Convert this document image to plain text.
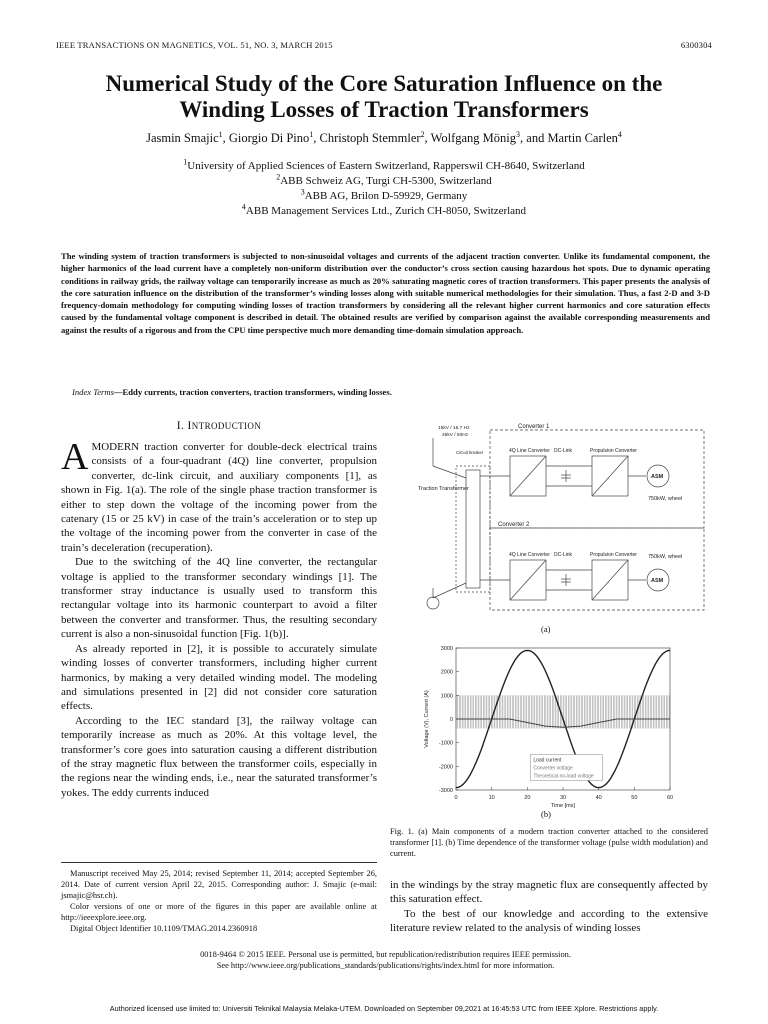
IEEE TRANSACTIONS ON MAGNETICS, VOL. 51, NO. 3, MARCH 2015	6300304
Numerical Study of the Core Saturation Influence on the
Winding Losses of Traction Transformers
Jasmin Smajic$^1$, Giorgio Di Pino$^1$, Christoph Stemmler$^2$, Wolfgang Mönig$^3$, and Martin Carlen$^4$
$^1$University of Applied Sciences of Eastern Switzerland, Rapperswil CH-8640, Switzerland
$^2$ABB Schweiz AG, Turgi CH-5300, Switzerland
$^3$ABB AG, Brilon D-59929, Germany
$^4$ABB Management Services Ltd., Zurich CH-8050, Switzerland
The winding system of traction transformers is subjected to non-sinusoidal voltages and currents of the adjacent traction converter. Unlike its fundamental component, the higher harmonics of the load current have a completely non-uniform distribution over the conductor’s cross section causing hazardous hot spots. Due to dynamic operating conditions in railway grids, the railway voltage can temporarily increase as much as 20% saturating magnetic cores of traction transformers. This paper presents the analysis of the core saturation influence on the distribution of the transformer’s winding losses along with suitable numerical methodologies for their simulation. Thus, a fast 2-D and 3-D frequency-domain methodology for computing winding losses of traction transformers by considering all the relevant higher current harmonics and core saturation effects caused by the fundamental voltage component is described in detail. The obtained results are verified by comparison against the available corresponding measurements and against the results of a rigorous and from the CPU time perspective much more demanding time-domain simulation approach.
Index Terms—Eddy currents, traction converters, traction transformers, winding losses.
I. INTRODUCTION

A MODERN traction converter for double-deck electrical trains consists of a four-quadrant (4Q) line converter, propulsion converter, dc-link circuit, and auxiliary components [1], as shown in Fig. 1(a). The role of the single phase traction transformer is either to step down the voltage of the incoming power from the catenary (15 or 25 kV) in case of the train’s acceleration or to step up the voltage of the incoming power from the converter in case of the train’s deceleration (recuperation).

Due to the switching of the 4Q line converter, the rectangular voltage is applied to the transformer secondary windings [1]. The transformer stray inductance is usually used to transform this rectangular voltage into its harmonic counterpart to avoid a filter between the converter and transformer. Thus, the resulting secondary current is also a non-sinusoidal function [Fig. 1(b)].

As already reported in [2], it is possible to accurately simulate winding losses of converter transformers, including higher current harmonics, by making a very detailed winding model. The modeling and simulations presented in [2] did not consider core saturation effects.

According to the IEC standard [3], the railway voltage can temporarily increase as much as 20%. At this voltage level, the transformer’s core goes into saturation causing a different distribution of the stray magnetic flux between the transformer coils, especially in the regions near the winding ends, i.e., near the saturated transformer’s yokes. The eddy currents induced

Manuscript received May 25, 2014; revised September 11, 2014; accepted September 26, 2014. Date of current version April 22, 2015. Corresponding author: J. Smajic (e-mail: jsmajic@hsr.ch).

Color versions of one or more of the figures in this paper are available online at http://ieeexplore.ieee.org.

Digital Object Identifier 10.1109/TMAG.2014.2360918

15kV / 16.7 Hz
25kV / 50Hz
Circuit breaker
Traction Transformer
Converter 1
Converter 2
4Q Line Converter DC-Link	Propulsion Converter
4Q Line Converter DC-Link	Propulsion Converter
ASM
ASM
750kW, wheel
750kW, wheel
(a)
0	10	20	30	40	50	60
3000
2000
1000
0
-1000
-2000
-3000
Time [ms]
Voltage (V), Current (A)
Load current
Converter voltage
Theoretical no-load voltage
(b)
Fig. 1. (a) Main components of a modern traction converter attached to the considered transformer [1]. (b) Time dependence of the transformer voltage (pulse width modulation) and current.

in the windings by the stray magnetic flux are consequently affected by this saturation effect.

To the best of our knowledge and according to the extensive literature review related to the analysis of winding losses

0018-9464 © 2015 IEEE. Personal use is permitted, but republication/redistribution requires IEEE permission.
See http://www.ieee.org/publications_standards/publications/rights/index.html for more information.
Authorized licensed use limited to: Universiti Teknikal Malaysia Melaka-UTEM. Downloaded on September 09,2021 at 16:45:53 UTC from IEEE Xplore. Restrictions apply.
